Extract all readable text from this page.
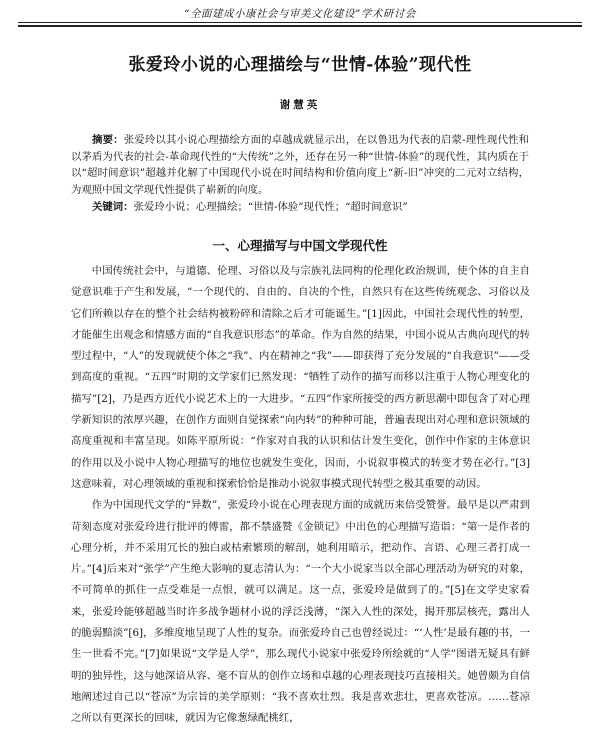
“全面建成小康社会与审美文化建设”学术研讨会
张爱玲小说的心理描绘与“世情-体验”现代性
谢慧英
摘要：张爱玲以其小说心理描绘方面的卓越成就显示出，在以鲁迅为代表的启蒙-理性现代性和以茅盾为代表的社会-革命现代性的“大传统”之外，还存在另一种“世情-体验”的现代性，其内质在于以“超时间意识”超越并化解了中国现代小说在时间结构和价值向度上“新-旧”冲突的二元对立结构，为观照中国文学现代性提供了崭新的向度。
关键词：张爱玲小说；心理描绘；“世情-体验”现代性；“超时间意识”
一、心理描写与中国文学现代性

中国传统社会中，与道德、伦理、习俗以及与宗族礼法同构的伦理化政治规训，使个体的自主自觉意识难于产生和发展，“一个现代的、自由的、自决的个性，自然只有在这些传统观念、习俗以及它们所赖以存在的整个社会结构被粉碎和清除之后才可能诞生。”[1]因此，中国社会现代性的转型，才能催生出观念和情感方面的“自我意识形态”的革命。作为自然的结果，中国小说从古典向现代的转型过程中，“人”的发现就使个体之“我”、内在精神之“我”——即获得了充分发展的“自我意识”——受到高度的重视。“五四”时期的文学家们已然发现：“牺牲了动作的描写而移以注重于人物心理变化的描写”[2]，乃是西方近代小说艺术上的一大进步。“五四”作家所接受的西方新思潮中即包含了对心理学新知识的浓厚兴趣，在创作方面则自觉探索“向内转”的种种可能，普遍表现出对心理和意识领域的高度重视和丰富呈现。如陈平原所说：“作家对自我的认识和估计发生变化，创作中作家的主体意识的作用以及小说中人物心理描写的地位也就发生变化，因而，小说叙事模式的转变才势在必行。”[3]这意味着，对心理领域的重视和探索恰恰是推动小说叙事模式现代转型之极其重要的动因。

作为中国现代文学的“异数”，张爱玲小说在心理表现方面的成就历来倍受赞誉。最早是以严肃到苛刻态度对张爱玲进行批评的傅雷，都不禁盛赞《金锁记》中出色的心理描写造诣：“第一是作者的心理分析，并不采用冗长的独白或枯索繁琐的解剖，她利用暗示，把动作、言语、心理三者打成一片。”[4]后来对“张学”产生绝大影响的夏志清认为：“一个大小说家当以全部心理活动为研究的对象，不可简单的抓住一点受难是一点恨，就可以满足。这一点，张爱玲是做到了的。”[5]在文学史家看来，张爱玲能够超越当时许多战争题材小说的浮泛浅薄，“深入人性的深处，揭开那层核壳，露出人的脆弱黯淡”[6]，多维度地呈现了人性的复杂。而张爱玲自己也曾经说过：“‘人性’是最有趣的书，一生一世看不完。”[7]如果说“文学是人学”，那么现代小说家中张爱玲所绘就的“人学”图谱无疑具有鲜明的独异性，这与她深谙从容、毫不盲从的创作立场和卓越的心理表现技巧直接相关。她曾颇为自信地阐述过自己以“苍凉”为宗旨的美学原则：“我不喜欢壮烈。我是喜欢悲壮，更喜欢苍凉。……苍凉之所以有更深长的回味，就因为它像葱绿配桃红，
